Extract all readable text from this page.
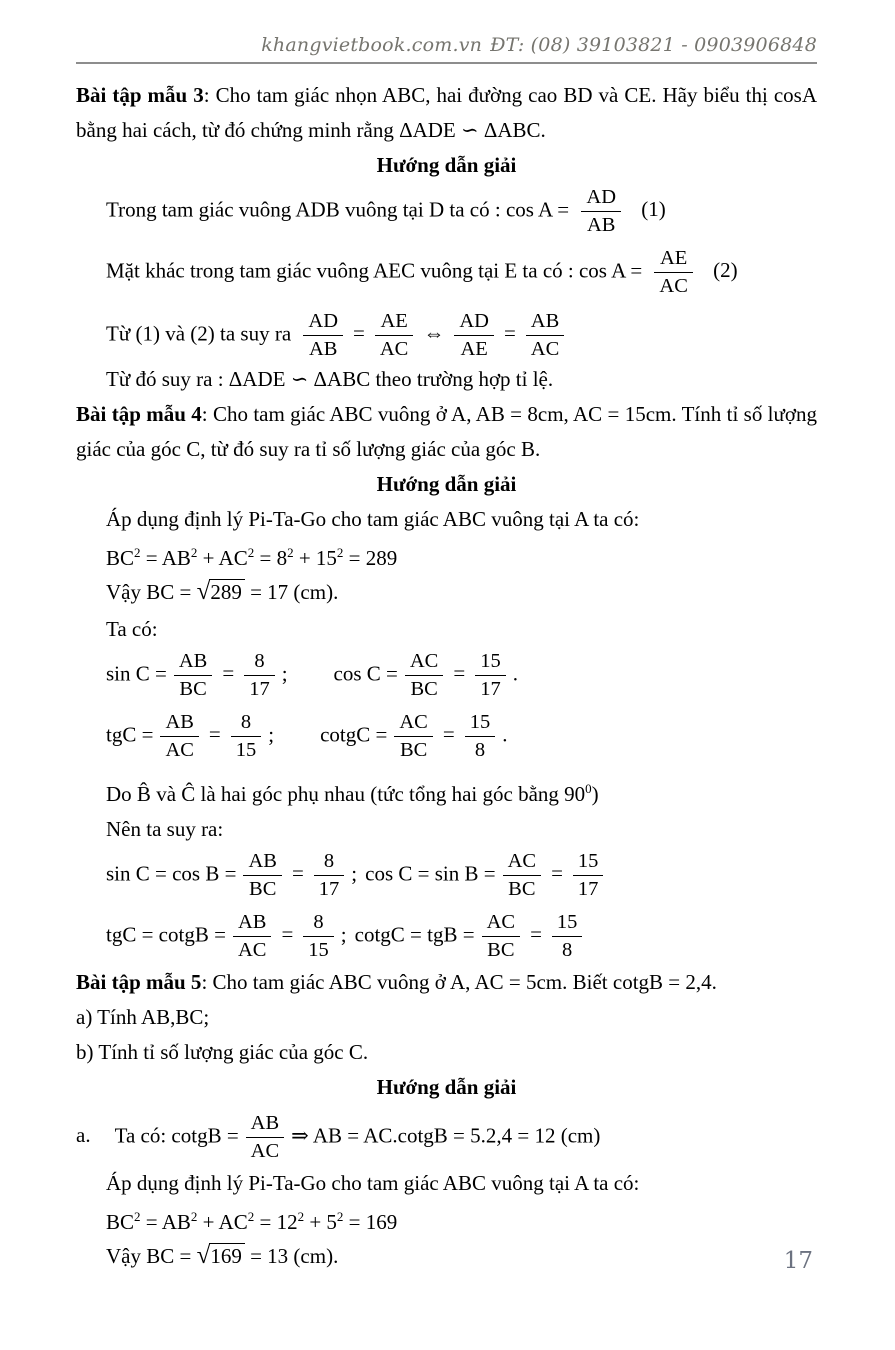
khangvietbook.com.vn ĐT: (08) 39103821 - 0903906848

Bài tập mẫu 3: Cho tam giác nhọn ABC, hai đường cao BD và CE. Hãy biểu thị cosA bằng hai cách, từ đó chứng minh rằng ΔADE ∽ ΔABC.

Hướng dẫn giải

Trong tam giác vuông ADB vuông tại D ta có : $\cos A = \frac{AD}{AB} (1)$
Mặt khác trong tam giác vuông AEC vuông tại E ta có : $\cos A = \frac{AE}{AC} (2)$
Từ (1) và (2) ta suy ra $\frac{AD}{AB} = \frac{AE}{AC}$ ⇔ $\frac{AD}{AE} = \frac{AB}{AC}$

Từ đó suy ra : ΔADE ∽ ΔABC theo trường hợp tỉ lệ.

Bài tập mẫu 4: Cho tam giác ABC vuông ở A, AB = 8cm, AC = 15cm. Tính tỉ số lượng giác của góc C, từ đó suy ra tỉ số lượng giác của góc B.

Hướng dẫn giải

Áp dụng định lý Pi-Ta-Go cho tam giác ABC vuông tại A ta có:

$BC^2 = AB^2 + AC^2 = 8^2 + 15^2 = 289$
Vậy BC = √289 = 17 (cm).

Ta có:

$\sin C = \frac{AB}{BC} = \frac{8}{17}$ ; $\cos C = \frac{AC}{BC} = \frac{15}{17}$ .
tgC = $\frac{AB}{AC} = \frac{8}{15}$ ; cotgC = $\frac{AC}{BC} = \frac{15}{8}$ .

Do B̂ và Ĉ là hai góc phụ nhau (tức tổng hai góc bằng $90^0$)

Nên ta suy ra:

$\sin C = \cos B = \frac{AB}{BC} = \frac{8}{17}$ ; $\cos C = \sin B = \frac{AC}{BC} = \frac{15}{17}$
tgC = cotgB = $\frac{AB}{AC} = \frac{8}{15}$ ; cotgC = tgB = $\frac{AC}{BC} = \frac{15}{8}$

Bài tập mẫu 5: Cho tam giác ABC vuông ở A, AC = 5cm. Biết cotgB = 2,4.

a) Tính AB,BC;

b) Tính tỉ số lượng giác của góc C.

Hướng dẫn giải

a. Ta có: cotgB = $\frac{AB}{AC}$ ⇒ AB = AC.cotgB = 5.2,4 = 12 (cm)

Áp dụng định lý Pi-Ta-Go cho tam giác ABC vuông tại A ta có:

$BC^2 = AB^2 + AC^2 = 12^2 + 5^2 = 169$
Vậy BC = √169 = 13 (cm).	17
